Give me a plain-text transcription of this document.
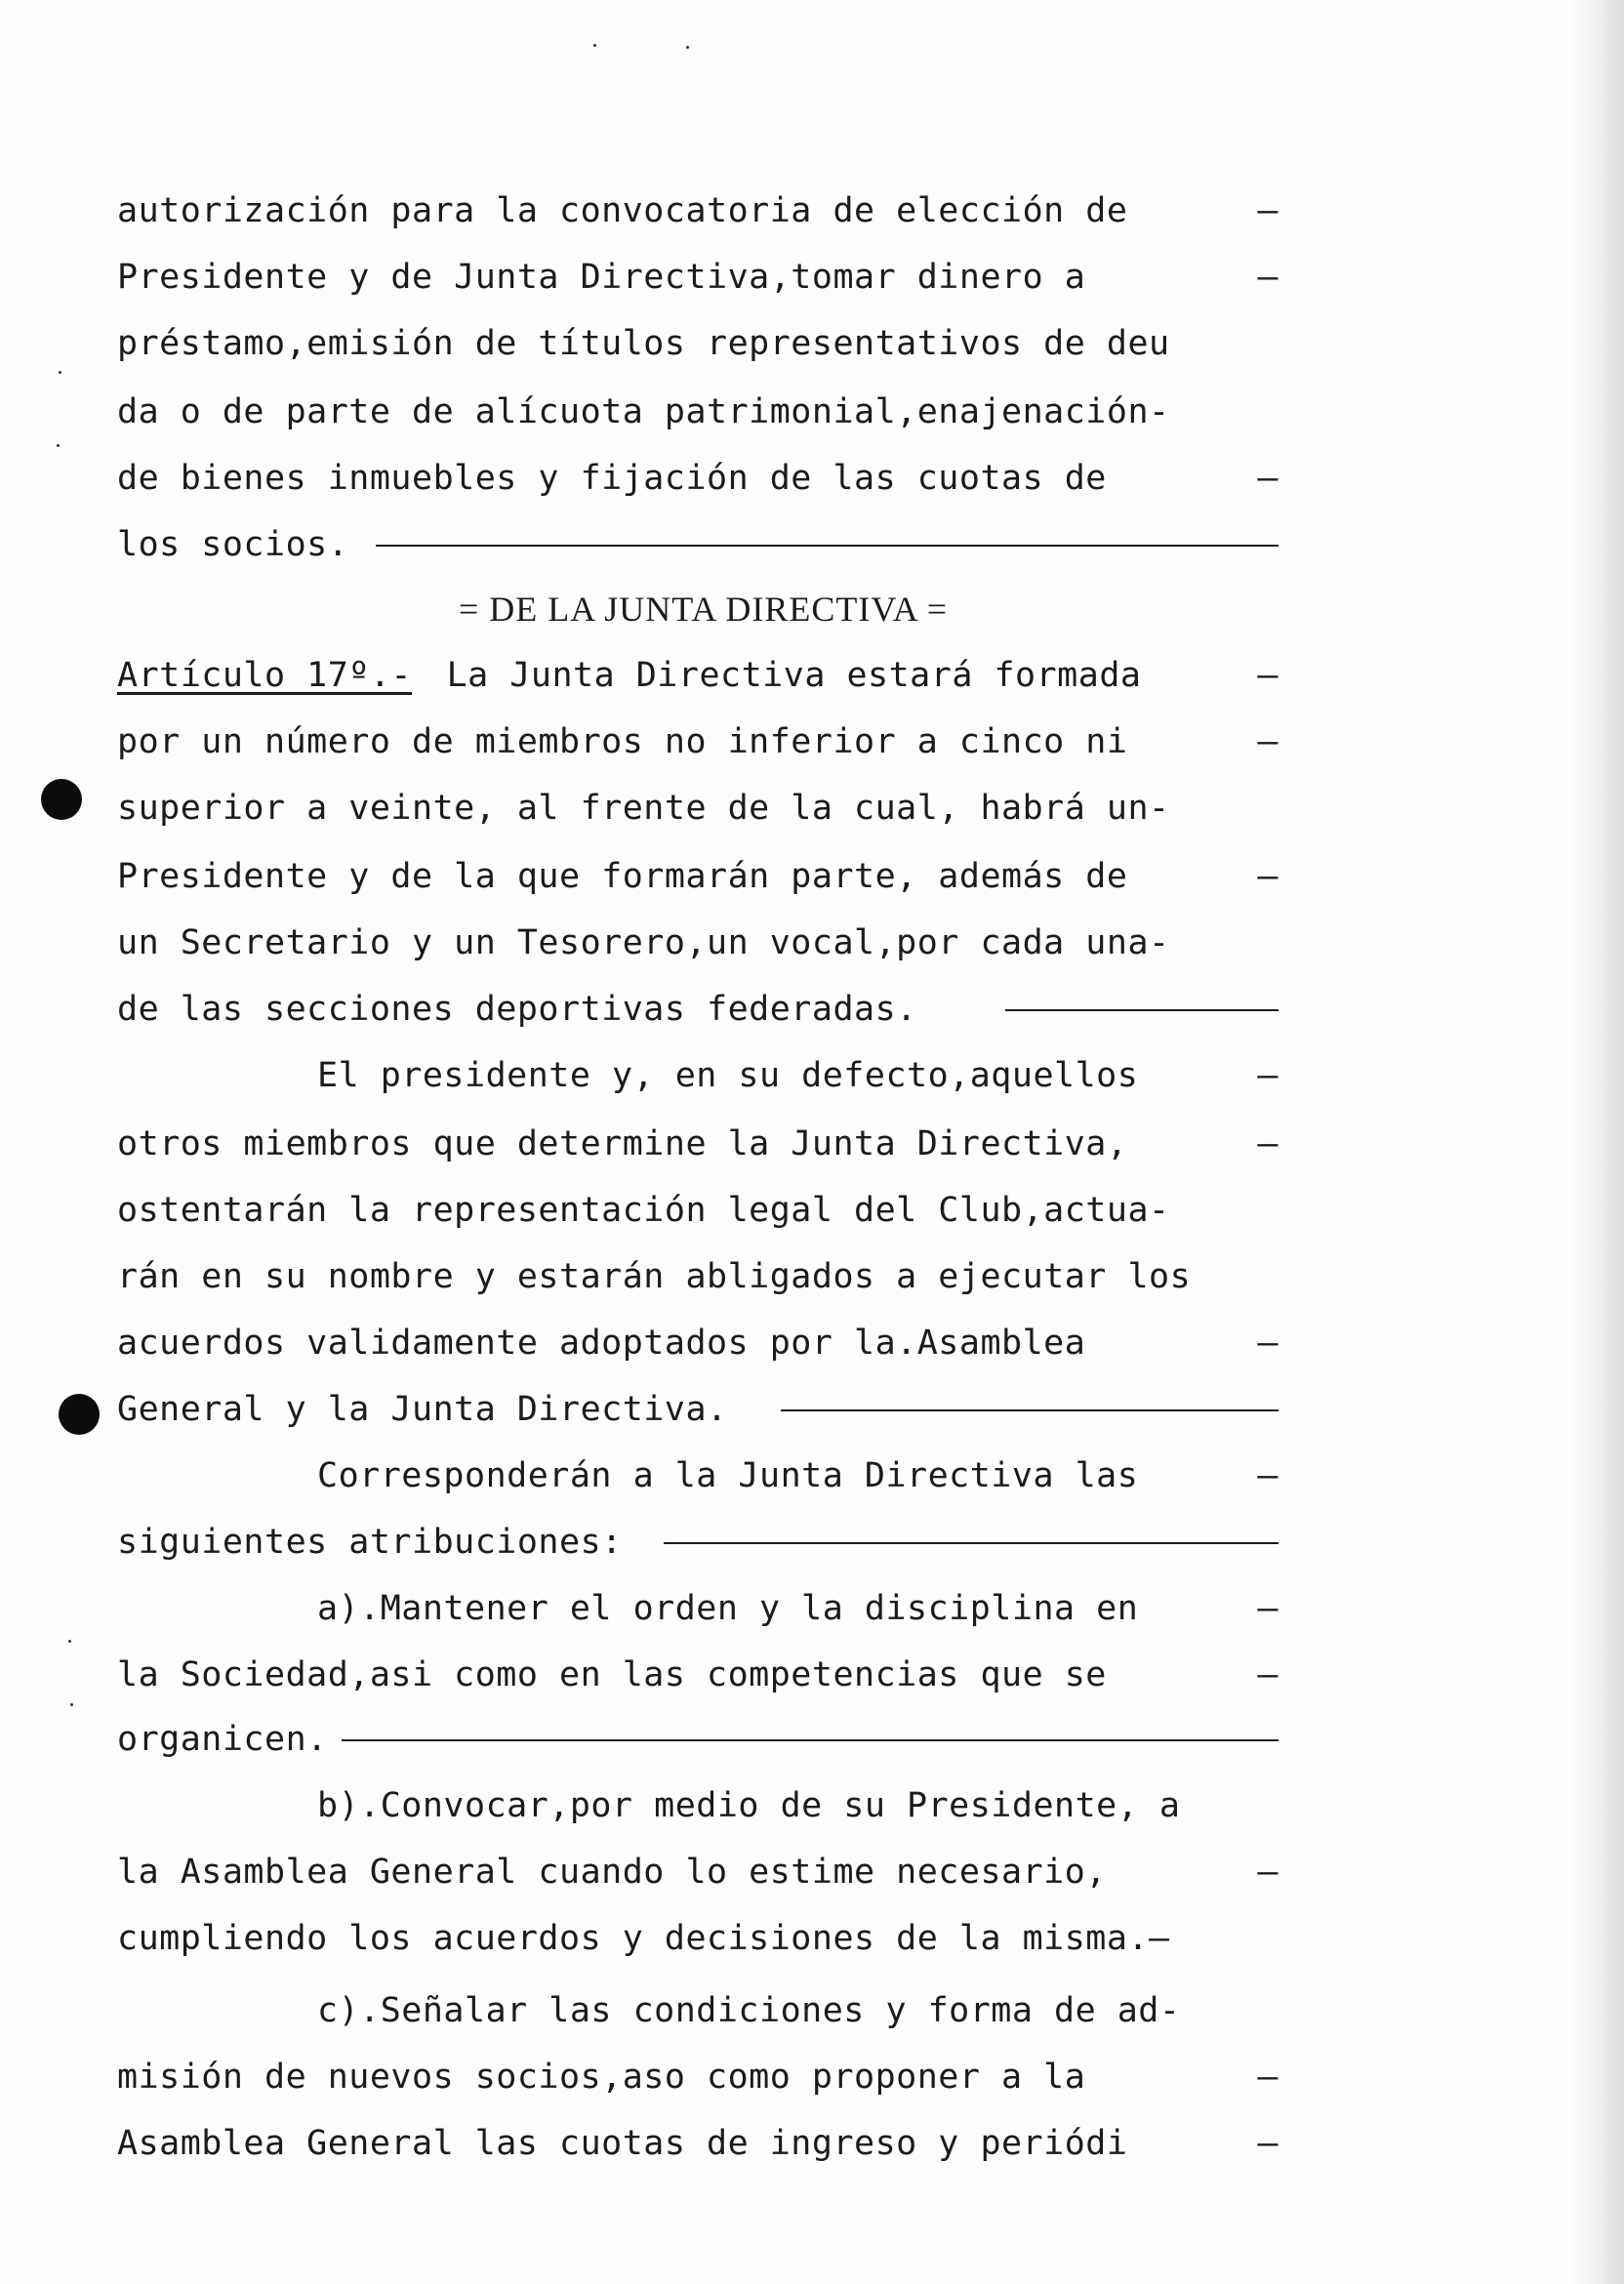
autorización para la convocatoria de elección de	–
Presidente y de Junta Directiva,tomar dinero a	–
préstamo,emisión de títulos representativos de deu
da o de parte de alícuota patrimonial,enajenación-
de bienes inmuebles y fijación de las cuotas de	–
los socios.
= DE LA JUNTA DIRECTIVA =
Artículo 17º.- La Junta Directiva estará formada	–
por un número de miembros no inferior a cinco ni	–
superior a veinte, al frente de la cual, habrá un-
Presidente y de la que formarán parte, además de	–
un Secretario y un Tesorero,un vocal,por cada una-
de las secciones deportivas federadas.
El presidente y, en su defecto,aquellos	–
otros miembros que determine la Junta Directiva,	–
ostentarán la representación legal del Club,actua-
rán en su nombre y estarán abligados a ejecutar los
acuerdos validamente adoptados por la.Asamblea	–
General y la Junta Directiva.
Corresponderán a la Junta Directiva las	–
siguientes atribuciones:
a).Mantener el orden y la disciplina en	–
la Sociedad,asi como en las competencias que se	–
organicen.
b).Convocar,por medio de su Presidente, a
la Asamblea General cuando lo estime necesario,	–
cumpliendo los acuerdos y decisiones de la misma.—
c).Señalar las condiciones y forma de ad-
misión de nuevos socios,aso como proponer a la	–
Asamblea General las cuotas de ingreso y periódi	–
